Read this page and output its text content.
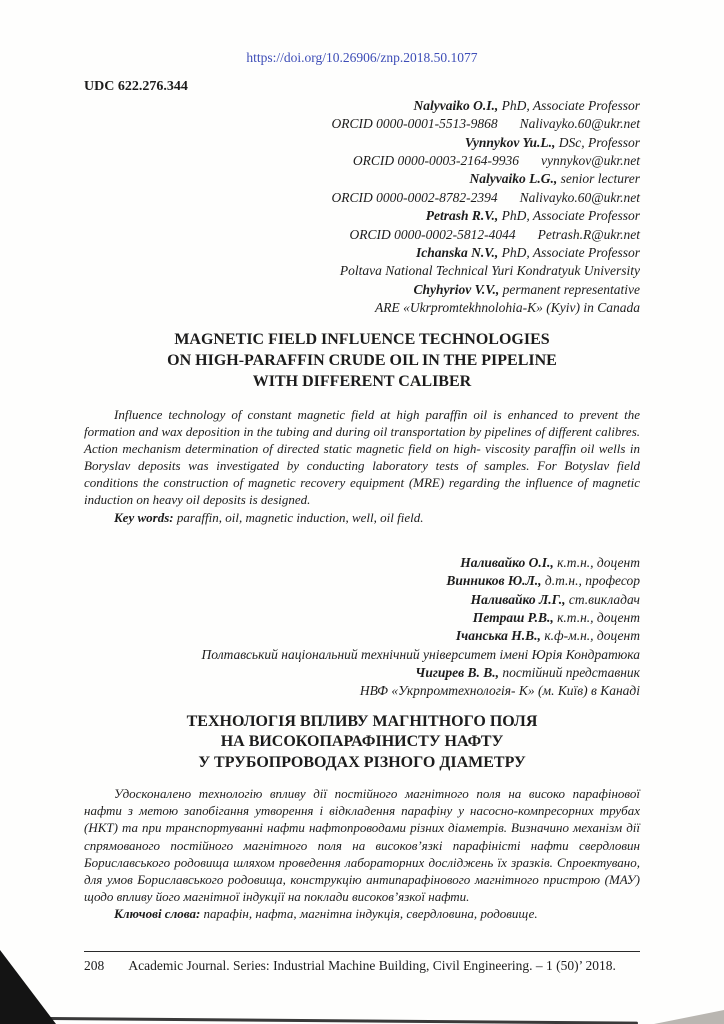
https://doi.org/10.26906/znp.2018.50.1077
UDC 622.276.344
Nalyvaiko O.I., PhD, Associate Professor
ORCID 0000-0001-5513-9868 Nalivayko.60@ukr.net
Vynnykov Yu.L., DSc, Professor
ORCID 0000-0003-2164-9936 vynnykov@ukr.net
Nalyvaiko L.G., senior lecturer
ORCID 0000-0002-8782-2394 Nalivayko.60@ukr.net
Petrash R.V., PhD, Associate Professor
ORCID 0000-0002-5812-4044 Petrash.R@ukr.net
Ichanska N.V., PhD, Associate Professor
Poltava National Technical Yuri Kondratyuk University
Chyhyriov V.V., permanent representative
ARE «Ukrpromtekhnolohia-K» (Kyiv) in Canada
MAGNETIC FIELD INFLUENCE TECHNOLOGIES
ON HIGH-PARAFFIN CRUDE OIL IN THE PIPELINE
WITH DIFFERENT CALIBER

Influence technology of constant magnetic field at high paraffin oil is enhanced to prevent the formation and wax deposition in the tubing and during oil transportation by pipelines of different calibres. Action mechanism determination of directed static magnetic field on high- viscosity paraffin oil wells in Boryslav deposits was investigated by conducting laboratory tests of samples. For Botyslav field conditions the construction of magnetic recovery equipment (MRE) regarding the influence of magnetic induction on heavy oil deposits is designed.

Key words: paraffin, oil, magnetic induction, well, oil field.
Наливайко О.І., к.т.н., доцент
Винников Ю.Л., д.т.н., професор
Наливайко Л.Г., ст.викладач
Петраш Р.В., к.т.н., доцент
Ічанська Н.В., к.ф-м.н., доцент
Полтавський національний технічний університет імені Юрія Кондратюка
Чигирев В. В., постійний представник
НВФ «Укрпромтехнологія- К» (м. Київ) в Канаді
ТЕХНОЛОГІЯ ВПЛИВУ МАГНІТНОГО ПОЛЯ
НА ВИСОКОПАРАФІНИСТУ НАФТУ
У ТРУБОПРОВОДАХ РІЗНОГО ДІАМЕТРУ

Удосконалено технологію впливу дії постійного магнітного поля на високо парафінової нафти з метою запобігання утворення і відкладення парафіну у насосно-компресорних трубах (НКТ) та при транспортуванні нафти нафтопроводами різних діаметрів. Визначино механізм дії спрямованого постійного магнітного поля на високов’язкі парафіністі нафти свердловин Бориславського родовища шляхом проведення лабораторних досліджень їх зразків. Спроектувано, для умов Бориславського родовища, конструкцію антипарафінового магнітного пристрою (МАУ) щодо впливу його магнітної індукції на поклади високов’язкої нафти.

Ключові слова: парафін, нафта, магнітна індукція, свердловина, родовище.
208	Academic Journal. Series: Industrial Machine Building, Civil Engineering. – 1 (50)’ 2018.
